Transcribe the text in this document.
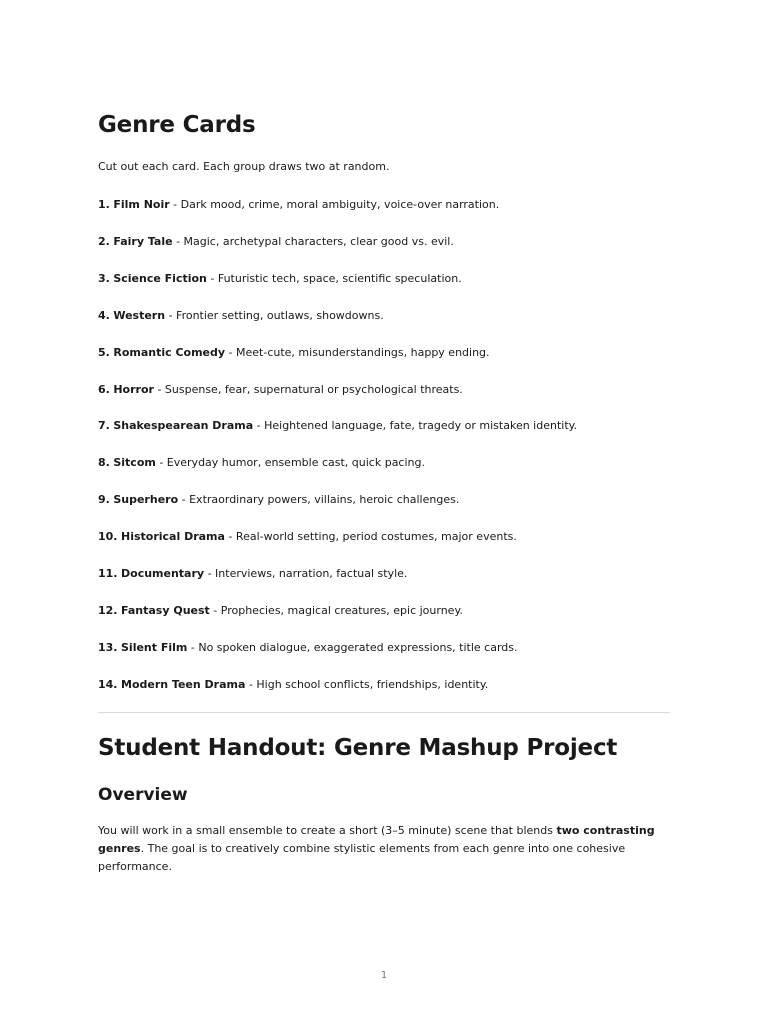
Genre Cards

Cut out each card. Each group draws two at random.

1. Film Noir - Dark mood, crime, moral ambiguity, voice-over narration.

2. Fairy Tale - Magic, archetypal characters, clear good vs. evil.

3. Science Fiction - Futuristic tech, space, scientific speculation.

4. Western - Frontier setting, outlaws, showdowns.

5. Romantic Comedy - Meet-cute, misunderstandings, happy ending.

6. Horror - Suspense, fear, supernatural or psychological threats.

7. Shakespearean Drama - Heightened language, fate, tragedy or mistaken identity.

8. Sitcom - Everyday humor, ensemble cast, quick pacing.

9. Superhero - Extraordinary powers, villains, heroic challenges.

10. Historical Drama - Real-world setting, period costumes, major events.

11. Documentary - Interviews, narration, factual style.

12. Fantasy Quest - Prophecies, magical creatures, epic journey.

13. Silent Film - No spoken dialogue, exaggerated expressions, title cards.

14. Modern Teen Drama - High school conflicts, friendships, identity.

Student Handout: Genre Mashup Project
Overview

You will work in a small ensemble to create a short (3–5 minute) scene that blends two contrasting genres. The goal is to creatively combine stylistic elements from each genre into one cohesive performance.

1
